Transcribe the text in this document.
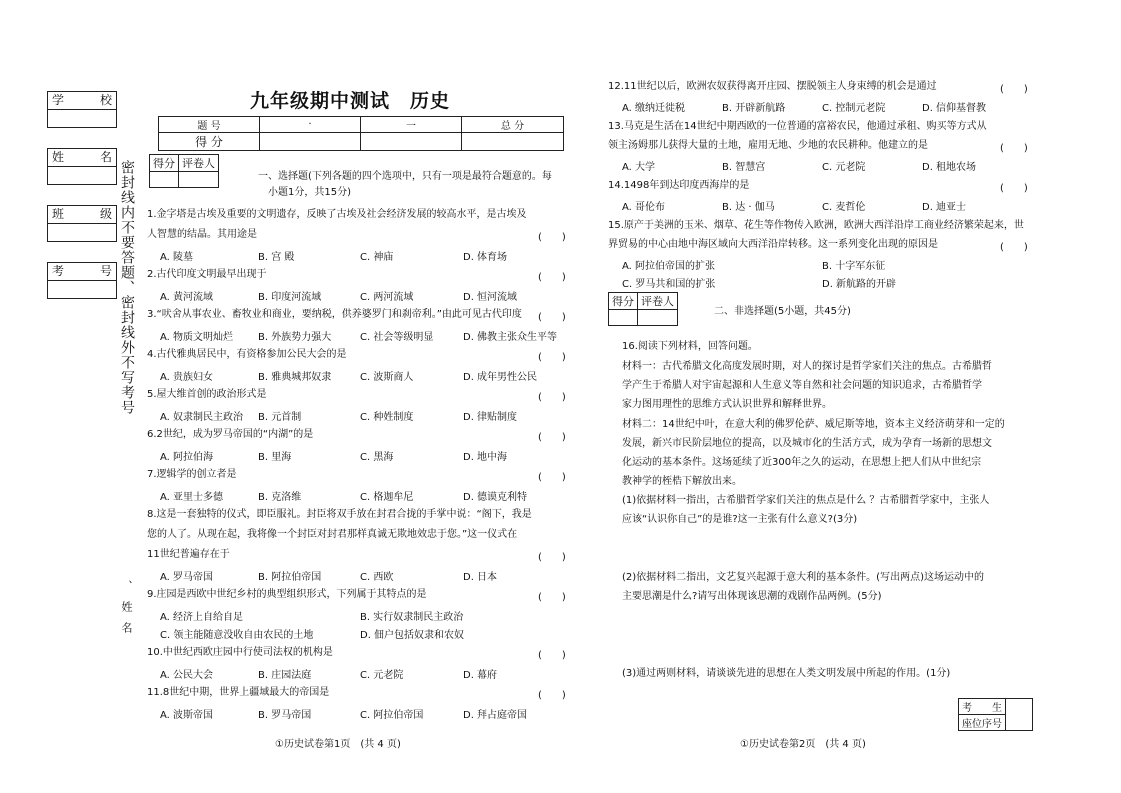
学	校
姓	名
班	级
考	号 密封线内不要答题、密封线外不写考号
、姓名
九年级期中测试　历史
题 号	·	一	总 分
得 分			
得分	评卷人

一、选择题(下列各题的四个选项中，只有一项是最符合题意的。每
小题1分，共15分)
1.金字塔是古埃及重要的文明遗存，反映了古埃及社会经济发展的较高水平，是古埃及
人智慧的结晶。其用途是	(　　)
A. 陵墓	B. 宫 殿	C. 神庙	D. 体育场
2.古代印度文明最早出现于	(　　)
A. 黄河流域	B. 印度河流域	C. 两河流域	D. 恒河流域
3.“吠舍从事农业、畜牧业和商业，要纳税，供养婆罗门和刹帝利。”由此可见古代印度 (　　)
A. 物质文明灿烂 B. 外族势力强大	C. 社会等级明显	D. 佛教主张众生平等
4.古代雅典居民中，有资格参加公民大会的是	(　　)
A. 贵族妇女	B. 雅典城邦奴隶	C. 波斯商人	D. 成年男性公民
5.屋大维首创的政治形式是	(　　)
A. 奴隶制民主政治 B. 元首制	C. 种姓制度	D. 律贴制度
6.2世纪，成为罗马帝国的“内湖”的是	(　　)
A. 阿拉伯海	B. 里海	C. 黑海	D. 地中海
7.逻辑学的创立者是	(　　)
A. 亚里士多德	B. 克洛维	C. 格迦牟尼	D. 德谟克利特
8.这是一套独特的仪式，即臣服礼。封臣将双手放在封君合拢的手掌中说：“阁下，我是
您的人了。从现在起，我将像一个封臣对封君那样真诚无欺地效忠于您。”这一仪式在
11世纪普遍存在于	(　　)
A. 罗马帝国	B. 阿拉伯帝国	C. 西欧	D. 日本
9.庄园是西欧中世纪乡村的典型组织形式，下列属于其特点的是	(　　)
A. 经济上自给自足	B. 实行奴隶制民主政治
C. 领主能随意没收自由农民的土地	D. 佃户包括奴隶和农奴
10.中世纪西欧庄园中行使司法权的机构是	(　　)
A. 公民大会	B. 庄园法庭	C. 元老院	D. 幕府
11.8世纪中期，世界上疆域最大的帝国是	(　　)
A. 波斯帝国	B. 罗马帝国	C. 阿拉伯帝国	D. 拜占庭帝国
12.11世纪以后，欧洲农奴获得离开庄园、摆脱领主人身束缚的机会是通过	(　　)
A. 缴纳迁徙税	B. 开辟新航路	C. 控制元老院	D. 信仰基督教
13.马克是生活在14世纪中期西欧的一位普通的富裕农民，他通过承租、购买等方式从
领主汤姆那儿获得大量的土地，雇用无地、少地的农民耕种。他建立的是	(　　)
A. 大学	B. 智慧宫	C. 元老院	D. 租地农场
14.1498年到达印度西海岸的是	(　　)
A. 哥伦布	B. 达 · 伽马	C. 麦哲伦	D. 迪亚士
15.原产于美洲的玉米、烟草、花生等作物传入欧洲，欧洲大西洋沿岸工商业经济繁荣起来，世
界贸易的中心由地中海区域向大西洋沿岸转移。这一系列变化出现的原因是	(　　)
A. 阿拉伯帝国的扩张	B. 十字军东征
C. 罗马共和国的扩张	D. 新航路的开辟
得分	评卷人

二、非选择题(5小题，共45分)
16.阅读下列材料，回答问题。
材料一：古代希腊文化高度发展时期，对人的探讨是哲学家们关注的焦点。古希腊哲
学产生于希腊人对宇宙起源和人生意义等自然和社会问题的知识追求，古希腊哲学
家力图用理性的思维方式认识世界和解释世界。
材料二：14世纪中叶，在意大利的佛罗伦萨、威尼斯等地，资本主义经济萌芽和一定的
发展，新兴市民阶层地位的提高，以及城市化的生活方式，成为孕育一场新的思想文
化运动的基本条件。这场延续了近300年之久的运动，在思想上把人们从中世纪宗
教神学的桎梏下解放出来。
(1)依据材料一指出，古希腊哲学家们关注的焦点是什么 ？古希腊哲学家中，主张人
应该“认识你自己”的是谁?这一主张有什么意义?(3分)
(2)依据材料二指出，文艺复兴起源于意大利的基本条件。(写出两点)这场运动中的
主要思潮是什么?请写出体现该思潮的戏剧作品两例。(5分)
(3)通过两则材料，请谈谈先进的思想在人类文明发展中所起的作用。(1分)
考　　生	
座位序号
①历史试卷第1页　(共 4 页)	①历史试卷第2页　(共 4 页)
